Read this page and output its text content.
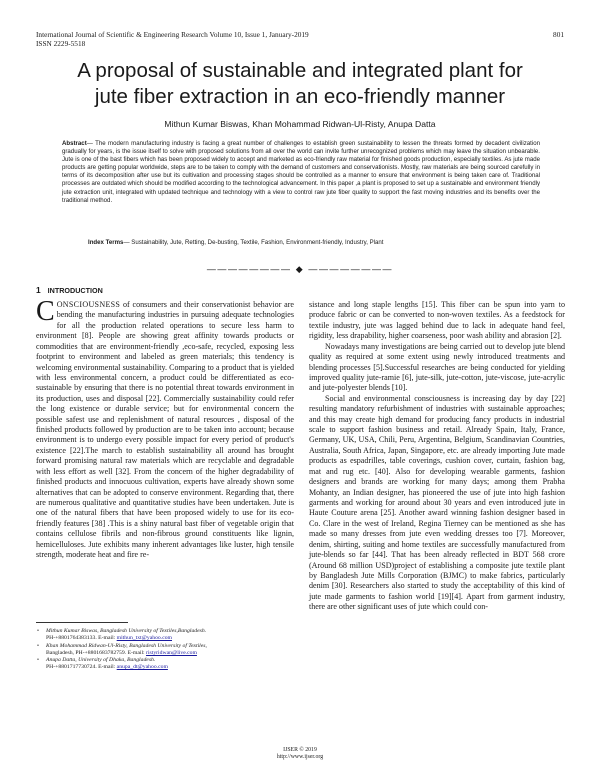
International Journal of Scientific & Engineering Research Volume 10, Issue 1, January-2019
ISSN 2229-5518
801
A proposal of sustainable and integrated plant for
jute fiber extraction in an eco-friendly manner
Mithun Kumar Biswas, Khan Mohammad Ridwan-Ul-Risty, Anupa Datta
Abstract— The modern manufacturing industry is facing a great number of challenges to establish green sustainability to lessen the threats formed by decadent civilization gradually for years, is the issue itself to solve with proposed solutions from all over the world can invite further unrecognized problems which may leave the situation unbearable. Jute is one of the bast fibers which has been proposed widely to accept and marketed as eco-friendly raw material for finished goods production, especially textiles. As jute made products are getting popular worldwide, steps are to be taken to comply with the demand of customers and conservationists. Mostly, raw materials are being sourced carefully in terms of its decomposition after use but its cultivation and processing stages should be controlled as a manner to ensure that environment is being taken care of. Traditional processes are outdated which should be modified according to the technological advancement. In this paper ,a plant is proposed to set up a sustainable and environment friendly jute extraction unit, integrated with updated technique and technology with a view to control raw jute fiber quality to support the fast moving industries and its benefits over the traditional method.
Index Terms— Sustainability, Jute, Retting, De-busting, Textile, Fashion, Environment-friendly, Industry, Plant
———————— ◆ ————————
1 INTRODUCTION

CONSCIOUSNESS of consumers and their conservationist behavior are bending the manufacturing industries in pursuing adequate technologies for all the production related operations to secure less harm to environment [8]. People are showing great affinity towards products or commodities that are environment-friendly ,eco-safe, recycled, exposing less footprint to environment and labeled as green materials; this tendency is welcoming environmental sustainability. Comparing to a product that is yielded with less environmental concern, a product could be differentiated as eco-sustainable by ensuring that there is no potential threat towards environment in its production, uses and disposal [22]. Commercially sustainability could refer the long existence or durable service; but for environmental concern the possible safest use and replenishment of natural resources , disposal of the finished products followed by production are to be taken into account; because environment is to undergo every possible impact for every period of product's existence [22].The march to establish sustainability all around has brought forward promising natural raw materials which are recyclable and degradable with less effort as well [32]. From the concern of the higher degradability of finished products and innocuous cultivation, experts have already shown some alternatives that can be adopted to conserve environment. Regarding that, there are numerous qualitative and quantitative studies have been undertaken. Jute is one of the natural fibers that have been proposed widely to use for its eco-friendly features [38] .This is a shiny natural bast fiber of vegetable origin that contains cellulose fibrils and non-fibrous ground constituents like lignin, hemicelluloses. Jute exhibits many inherent advantages like luster, high tensile strength, moderate heat and fire re-

sistance and long staple lengths [15]. This fiber can be spun into yarn to produce fabric or can be converted to non-woven textiles. As a feedstock for textile industry, jute was lagged behind due to lack in adequate hand feel, rigidity, less drapability, higher coarseness, poor wash ability and abrasion [2].

Nowadays many investigations are being carried out to develop jute blend quality as required at some extent using newly introduced treatments and blending processes [5].Successful researches are being conducted for yielding improved quality jute-ramie [6], jute-silk, jute-cotton, jute-viscose, jute-acrylic and jute-polyester blends [10].

Social and environmental consciousness is increasing day by day [22] resulting mandatory refurbishment of industries with sustainable approaches; and this may create high demand for producing fancy products in industrial scale to support fashion business and retail. Already Spain, Italy, France, Germany, UK, USA, Chili, Peru, Argentina, Belgium, Scandinavian Countries, Australia, South Africa, Japan, Singapore, etc. are already importing Jute made products as espadrilles, table coverings, cushion cover, curtain, fashion bag, mat and rug etc. [40]. Also for developing wearable garments, fashion designers and brands are working for many days; among them Prabha Mohanty, an Indian designer, has pioneered the use of jute into high fashion garments and working for around about 30 years and even introduced jute in Haute Couture arena [25]. Another award winning fashion designer based in Co. Clare in the west of Ireland, Regina Tierney can be mentioned as she has made so many dresses from jute even wedding dresses too [7]. Moreover, denim, shirting, suiting and home textiles are successfully manufactured from jute-blends so far [44]. That has been already reflected in BDT 568 crore (Around 68 million USD)project of establishing a composite jute textile plant by Bangladesh Jute Mills Corporation (BJMC) to make fabrics, particularly denim [30]. Researchers also started to study the acceptability of this kind of jute made garments to fashion world [19][4]. Apart from garment industry, there are other significant uses of jute which could con-

• Mithun Kumar Biswas, Bangladesh University of Textiles,Bangladesh.
PH-+8801764383133. E-mail: mithun_txt@yahoo.com
• Khan Mohammad Ridwan-Ul-Risty, Bangladesh University of Textiles,
Bangladesh, PH-+8801683782759. E-mail: ristyridwan@live.com
• Anupa Datta, University of Dhaka, Bangladesh.
PH-+8801717730724. E-mail: anupa_dt@yahoo.com
IJSER © 2019
http://www.ijser.org
